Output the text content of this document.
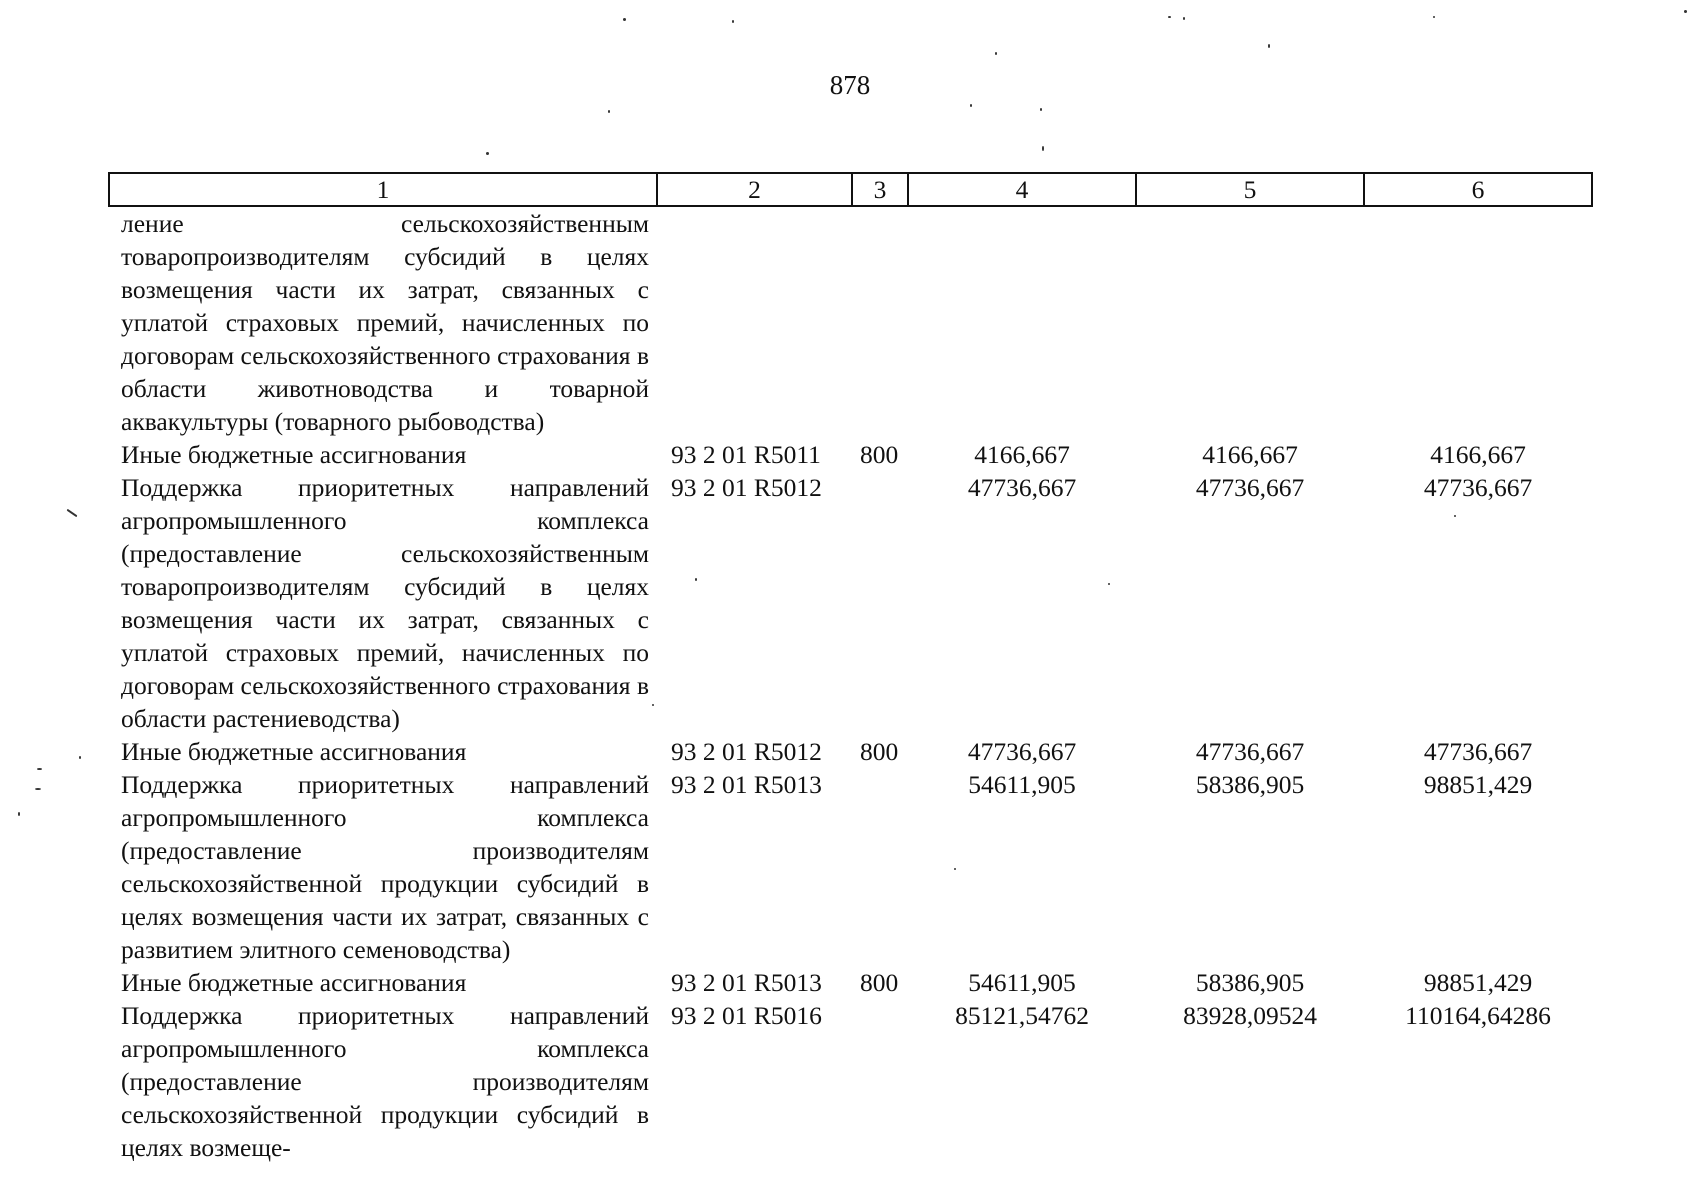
878
1	2	3	4	5	6
ление сельскохозяйственным товаропроизводителям субсидий в целях возмещения части их затрат, связанных с уплатой страховых премий, начисленных по договорам сельскохозяйственного страхования в области животноводства и товарной аквакультуры (товарного рыбоводства)					
Иные бюджетные ассигнования	93 2 01 R5011	800	4166,667	4166,667	4166,667
Поддержка приоритетных направлений агропромышленного комплекса (предоставление сельскохозяйственным товаропроизводителям субсидий в целях возмещения части их затрат, связанных с уплатой страховых премий, начисленных по договорам сельскохозяйственного страхования в области растениеводства)	93 2 01 R5012		47736,667	47736,667	47736,667
Иные бюджетные ассигнования	93 2 01 R5012	800	47736,667	47736,667	47736,667
Поддержка приоритетных направлений агропромышленного комплекса (предоставление производителям сельскохозяйственной продукции субсидий в целях возмещения части их затрат, связанных с развитием элитного семеноводства)	93 2 01 R5013		54611,905	58386,905	98851,429
Иные бюджетные ассигнования	93 2 01 R5013	800	54611,905	58386,905	98851,429
Поддержка приоритетных направлений агропромышленного комплекса (предоставление производителям сельскохозяйственной продукции субсидий в целях возмеще-	93 2 01 R5016		85121,54762	83928,09524	110164,64286
